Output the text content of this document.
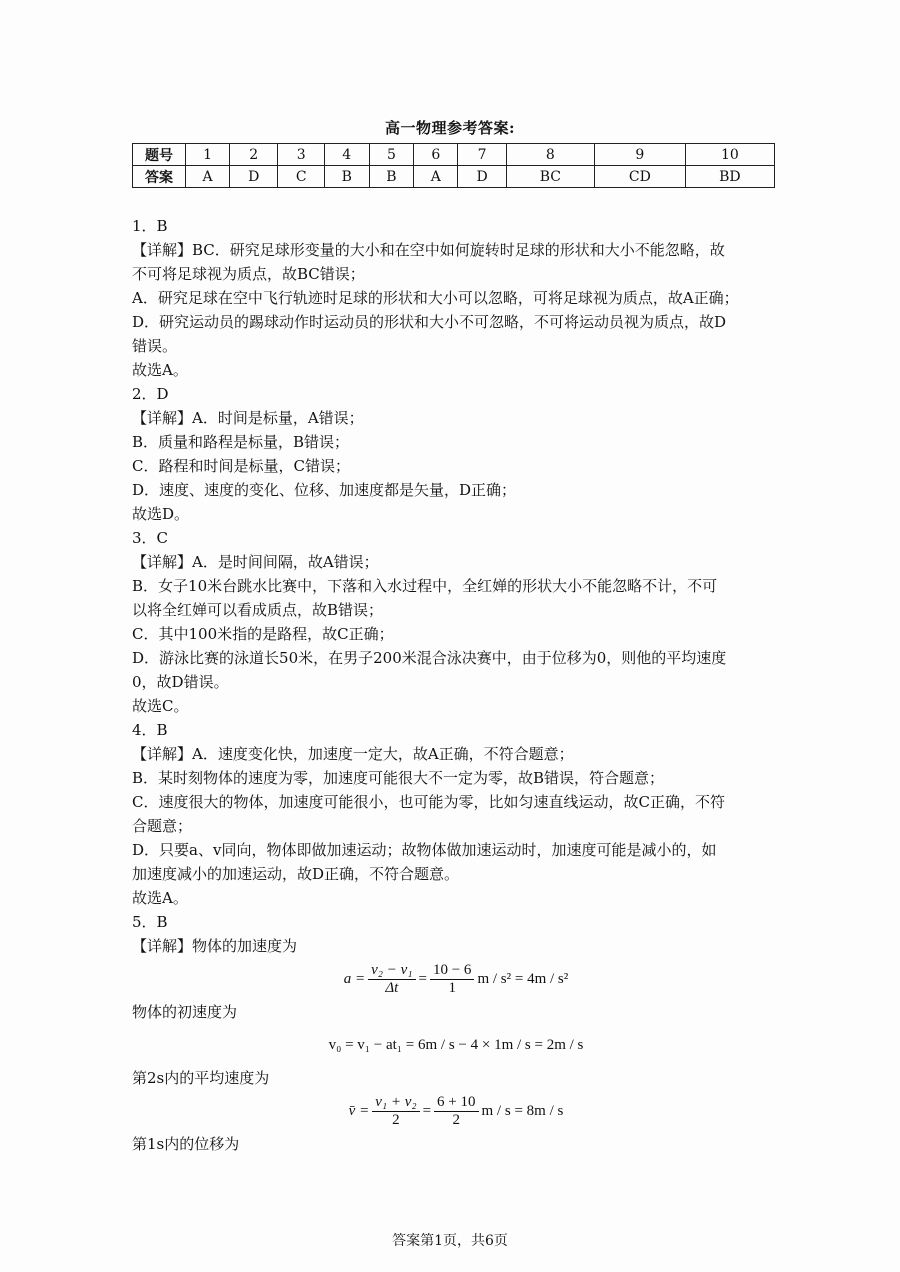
高一物理参考答案:
题号	1	2	3	4	5	6	7	8	9	10
答案	A	D	C	B	B	A	D	BC	CD	BD
1．B
【详解】BC．研究足球形变量的大小和在空中如何旋转时足球的形状和大小不能忽略，故
不可将足球视为质点，故BC错误；
A．研究足球在空中飞行轨迹时足球的形状和大小可以忽略，可将足球视为质点，故A正确；
D．研究运动员的踢球动作时运动员的形状和大小不可忽略，不可将运动员视为质点，故D
错误。
故选A。
2．D
【详解】A．时间是标量，A错误；
B．质量和路程是标量，B错误；
C．路程和时间是标量，C错误；
D．速度、速度的变化、位移、加速度都是矢量，D正确；
故选D。
3．C
【详解】A．是时间间隔，故A错误；
B．女子10米台跳水比赛中，下落和入水过程中，全红婵的形状大小不能忽略不计，不可
以将全红婵可以看成质点，故B错误；
C．其中100米指的是路程，故C正确；
D．游泳比赛的泳道长50米，在男子200米混合泳决赛中，由于位移为0，则他的平均速度
0，故D错误。
故选C。
4．B
【详解】A．速度变化快，加速度一定大，故A正确，不符合题意；
B．某时刻物体的速度为零，加速度可能很大不一定为零，故B错误，符合题意；
C．速度很大的物体，加速度可能很小，也可能为零，比如匀速直线运动，故C正确，不符
合题意；
D．只要a、v同向，物体即做加速运动；故物体做加速运动时，加速度可能是减小的，如
加速度减小的加速运动，故D正确，不符合题意。
故选A。
5．B
【详解】物体的加速度为
$a = \frac{\text{v₂ − v₁}}{\Delta t} = \frac{10 - 6}{1}$ m / s² = 4m / s²
物体的初速度为
v₀ = v₁ − at₁ = 6m / s − 4 × 1m / s = 2m / s
第2s内的平均速度为
v̄ = $\frac{\text{v₁ + v₂}}{2} = \frac{6 + 10}{2}$ m / s = 8m / s
第1s内的位移为
答案第1页，共6页
